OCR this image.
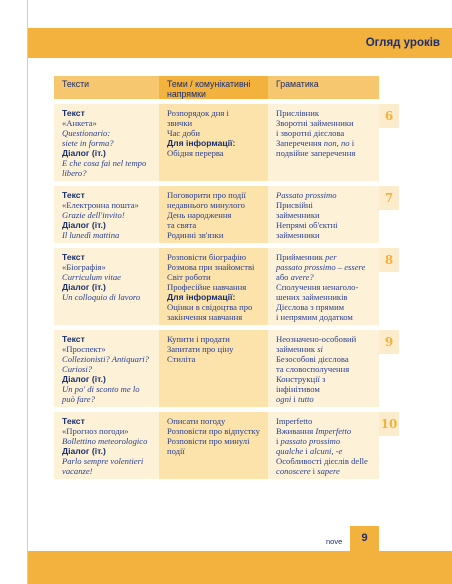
Огляд уроків
Тексти	Теми / комунікативні напрямки
Граматика
Текст
«Анкета»
Questionario:
siete in forma?
Діалог (іт.)
E che cosa fai nel tempo
libero?
Розпорядок дня і
звички
Час доби
Для інформації:
Обідня перерва
Прислівник
Зворотні займенники
і зворотні дієслова
Заперечення non, no і
подвійне заперечення
6
Текст
«Електронна пошта»
Grazie dell'invito!
Діалог (іт.)
Il lunedì mattina
Поговорити про події
недавнього минулого
День народження
та свята
Родинні зв'язки
Passato prossimo
Присвійні
займенники
Непрямі об'єктні
займенники
7
Текст
«Біографія»
Curriculum vitae
Діалог (іт.)
Un colloquio di lavoro
Розповісти біографію
Розмова при знайомстві
Світ роботи
Професійне навчання
Для інформації:
Оцінки в свідоцтва про
закінчення навчання
Прийменник per
passato prossimo – essere
або avere?
Сполучення ненаголо-
шених займенників
Дієслова з прямим
і непрямим додатком
8
Текст
«Проспект»
Collezionisti? Antiquari?
Curiosi?
Діалог (іт.)
Un po' di sconto me lo
può fare?
Купити і продати
Запитати про ціну
Стиліта
Неозначено-особовий
займенник si
Безособові дієслова
та словосполучення
Конструкції з
інфінітивом
ogni і tutto
9
Текст
«Прогноз погоди»
Bollettino meteorologico
Діалог (іт.)
Parlo sempre volentieri
vacanze!
Описати погоду
Розповісти про відпустку
Розповісти про минулі
події
Imperfetto
Вживання Imperfetto
і passato prossimo
qualche і alcuni, -e
Особливості дієслів delle
conoscere і sapere
10
nove	9
